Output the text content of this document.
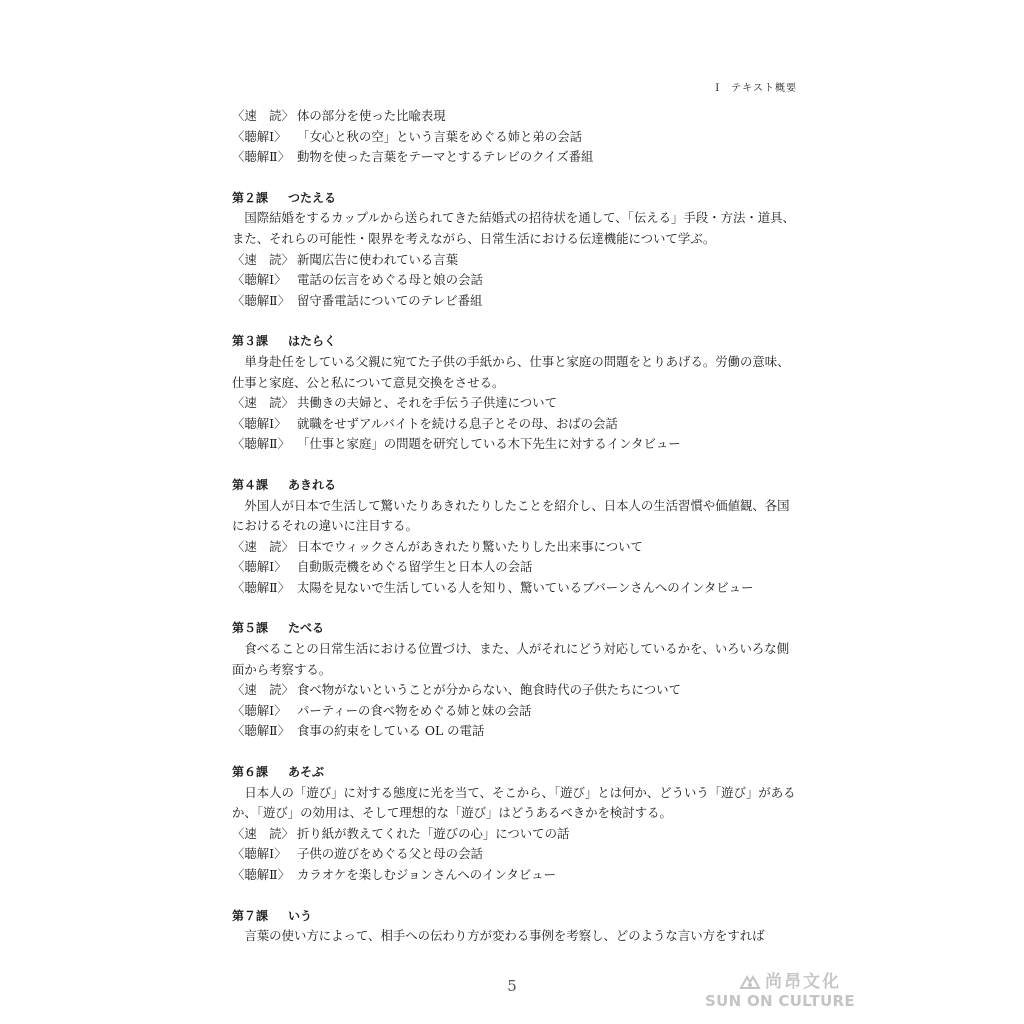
Ⅰ　テキスト概要
〈速　読〉 体の部分を使った比喩表現
〈聴解Ⅰ〉 「女心と秋の空」という言葉をめぐる姉と弟の会話
〈聴解Ⅱ〉 動物を使った言葉をテーマとするテレビのクイズ番組
第２課 つたえる
国際結婚をするカップルから送られてきた結婚式の招待状を通して、「伝える」手段・方法・道具、また、それらの可能性・限界を考えながら、日常生活における伝達機能について学ぶ。
〈速　読〉 新聞広告に使われている言葉
〈聴解Ⅰ〉 電話の伝言をめぐる母と娘の会話
〈聴解Ⅱ〉 留守番電話についてのテレビ番組
第３課 はたらく
単身赴任をしている父親に宛てた子供の手紙から、仕事と家庭の問題をとりあげる。労働の意味、仕事と家庭、公と私について意見交換をさせる。
〈速　読〉 共働きの夫婦と、それを手伝う子供達について
〈聴解Ⅰ〉 就職をせずアルバイトを続ける息子とその母、おばの会話
〈聴解Ⅱ〉 「仕事と家庭」の問題を研究している木下先生に対するインタビュー
第４課 あきれる
外国人が日本で生活して驚いたりあきれたりしたことを紹介し、日本人の生活習慣や価値観、各国におけるそれの違いに注目する。
〈速　読〉 日本でウィックさんがあきれたり驚いたりした出来事について
〈聴解Ⅰ〉 自動販売機をめぐる留学生と日本人の会話
〈聴解Ⅱ〉 太陽を見ないで生活している人を知り、驚いているブバーンさんへのインタビュー
第５課 たべる
食べることの日常生活における位置づけ、また、人がそれにどう対応しているかを、いろいろな側面から考察する。
〈速　読〉 食べ物がないということが分からない、飽食時代の子供たちについて
〈聴解Ⅰ〉 パーティーの食べ物をめぐる姉と妹の会話
〈聴解Ⅱ〉 食事の約束をしている OL の電話
第６課 あそぶ
日本人の「遊び」に対する態度に光を当て、そこから、「遊び」とは何か、どういう「遊び」があるか、「遊び」の効用は、そして理想的な「遊び」はどうあるべきかを検討する。
〈速　読〉 折り紙が教えてくれた「遊びの心」についての話
〈聴解Ⅰ〉 子供の遊びをめぐる父と母の会話
〈聴解Ⅱ〉 カラオケを楽しむジョンさんへのインタビュー
第７課 いう
言葉の使い方によって、相手への伝わり方が変わる事例を考察し、どのような言い方をすれば
5	尚昂文化
SUN ON CULTURE
